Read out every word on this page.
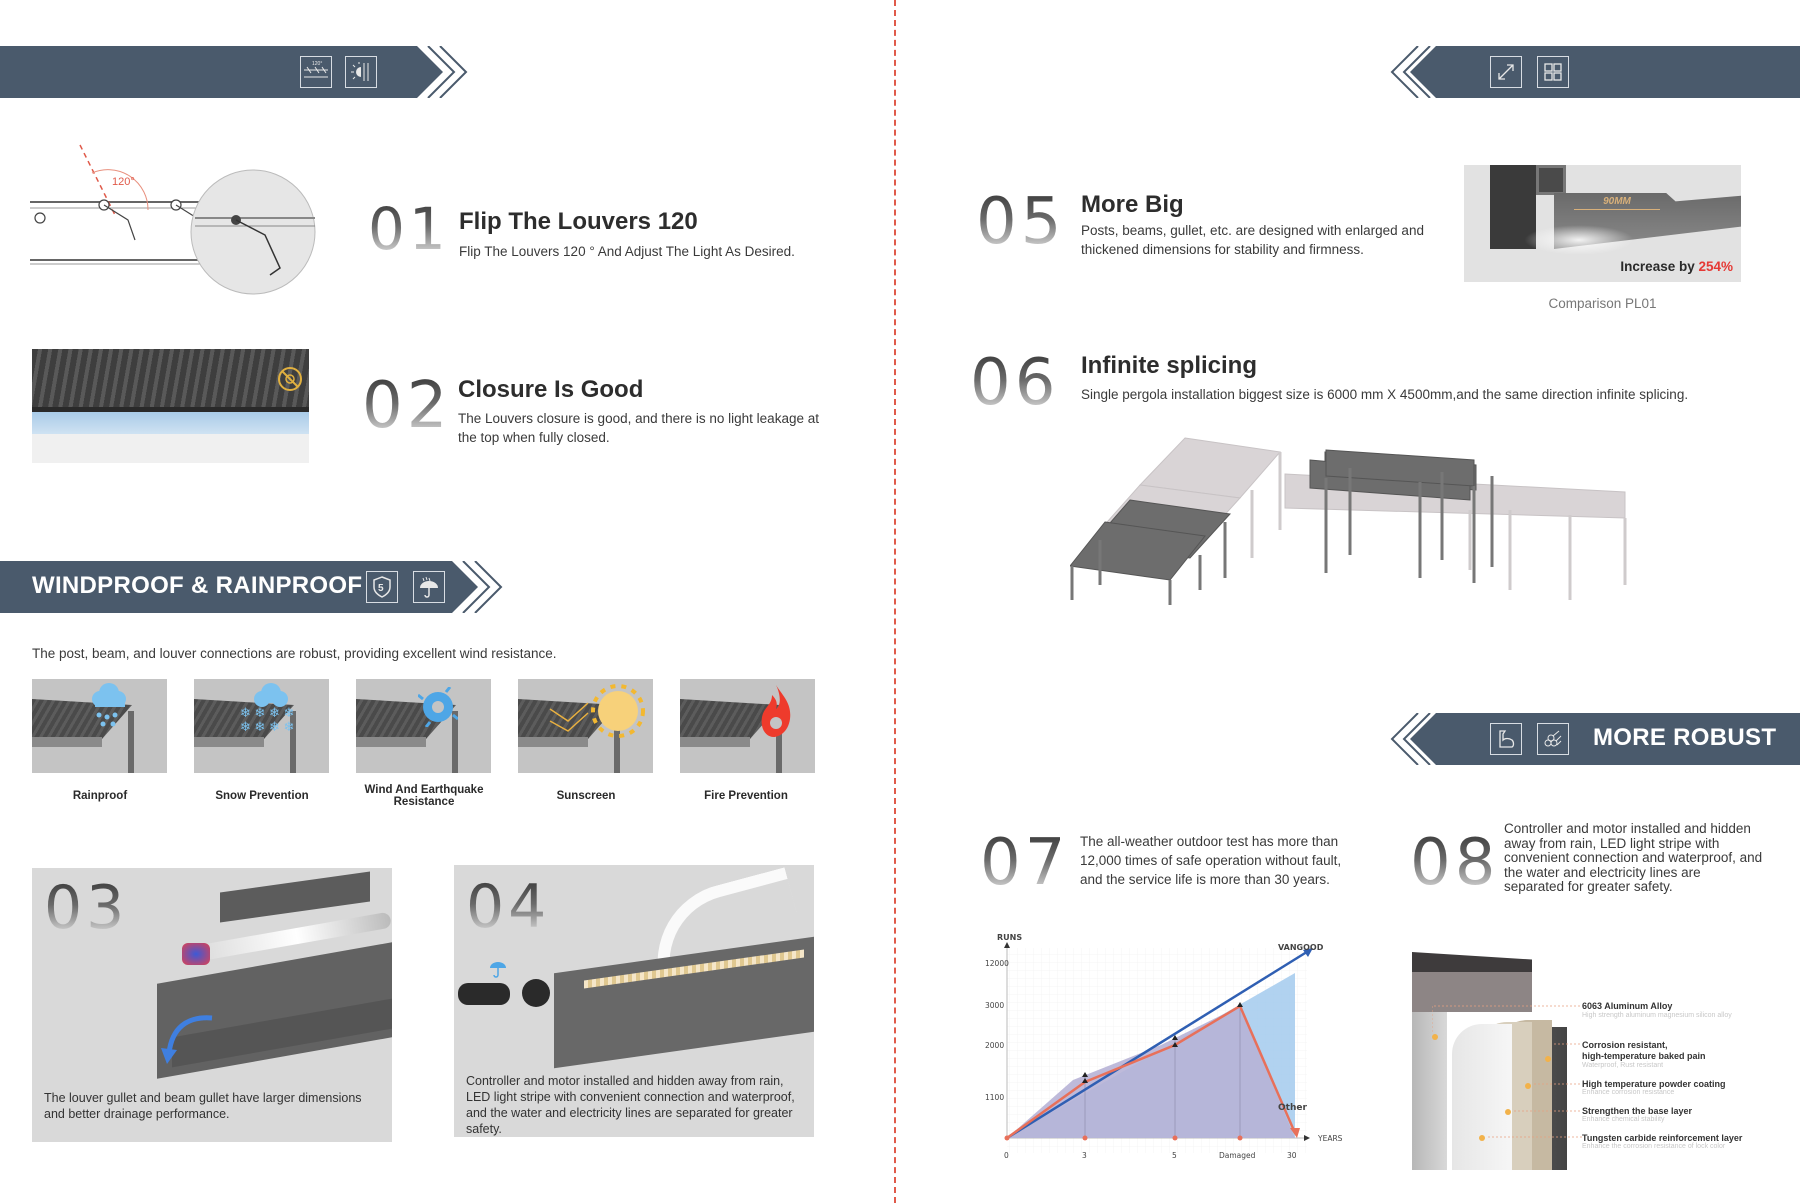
120°
120°
01 Flip The Louvers 120
Flip The Louvers 120 ° And Adjust The Light As Desired.
02 Closure Is Good
The Louvers closure is good, and there is no light leakage at the top when fully closed.
WINDPROOF & RAINPROOF 5
The post, beam, and louver connections are robust, providing excellent wind resistance.
❄ ❄ ❄ ❄
❄ ❄ ❄ ❄
Rainproof	Snow Prevention	Wind And Earthquake Resistance	Sunscreen	Fire Prevention
03
The louver gullet and beam gullet have larger dimensions and better drainage performance.
04
Controller and motor installed and hidden away from rain, LED light stripe with convenient connection and waterproof, and the water and electricity lines are separated for greater safety.
05 More Big
Posts, beams, gullet, etc. are designed with enlarged and thickened dimensions for stability and firmness.
90MM
Increase by 254%
Comparison PL01
06 Infinite splicing
Single pergola installation biggest size is 6000 mm X 4500mm,and the same direction infinite splicing.
MORE ROBUST
07 The all-weather outdoor test has more than 12,000 times of safe operation without fault, and the service life is more than 30 years.	08 Controller and motor installed and hidden away from rain, LED light stripe with convenient connection and waterproof, and the water and electricity lines are separated for greater safety.
RUNS
12000
3000
2000
1100
0	3	5	Damaged	30
YEARS
Other
VANGOOD
6063 Aluminum Alloy
High strength aluminum magnesium silicon alloy
Corrosion resistant,
high-temperature baked pain
Waterproof, Rust resistant
High temperature powder coating
Enhance corrosion resistance
Strengthen the base layer
Enhance chemical stability
Tungsten carbide reinforcement layer
Enhance the corrosion resistance of lock color
